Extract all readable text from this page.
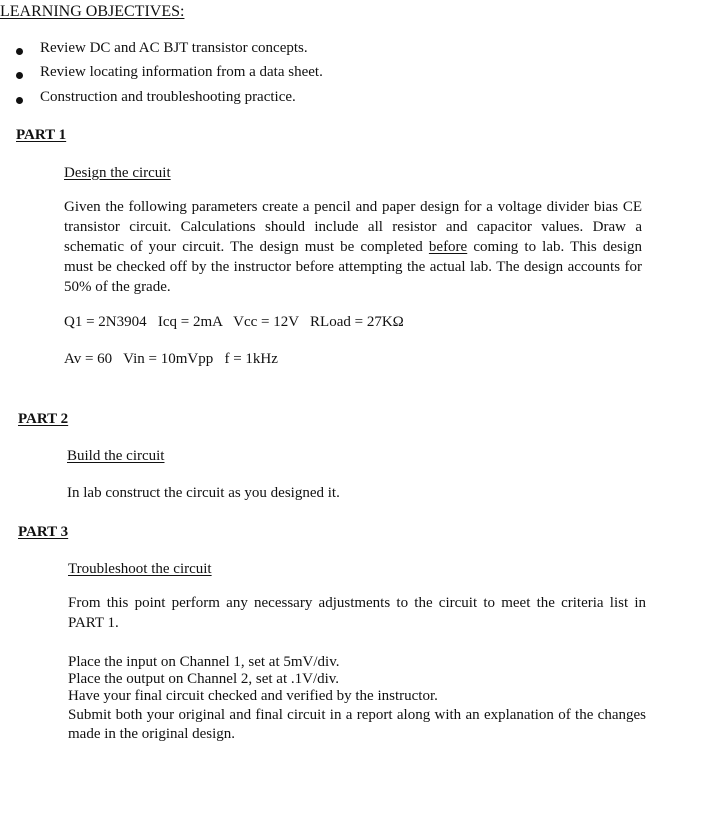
LEARNING OBJECTIVES:
Review DC and AC BJT transistor concepts.
Review locating information from a data sheet.
Construction and troubleshooting practice.
PART 1
Design the circuit
Given the following parameters create a pencil and paper design for a voltage divider bias CE transistor circuit. Calculations should include all resistor and capacitor values. Draw a schematic of your circuit. The design must be completed before coming to lab. This design must be checked off by the instructor before attempting the actual lab. The design accounts for 50% of the grade.
Q1 = 2N3904   Icq = 2mA   Vcc = 12V   RLoad = 27KΩ
Av = 60   Vin = 10mVpp   f = 1kHz
PART 2
Build the circuit
In lab construct the circuit as you designed it.
PART 3
Troubleshoot the circuit
From this point perform any necessary adjustments to the circuit to meet the criteria list in PART 1.
Place the input on Channel 1, set at 5mV/div.
Place the output on Channel 2, set at .1V/div.
Have your final circuit checked and verified by the instructor.
Submit both your original and final circuit in a report along with an explanation of the changes made in the original design.
